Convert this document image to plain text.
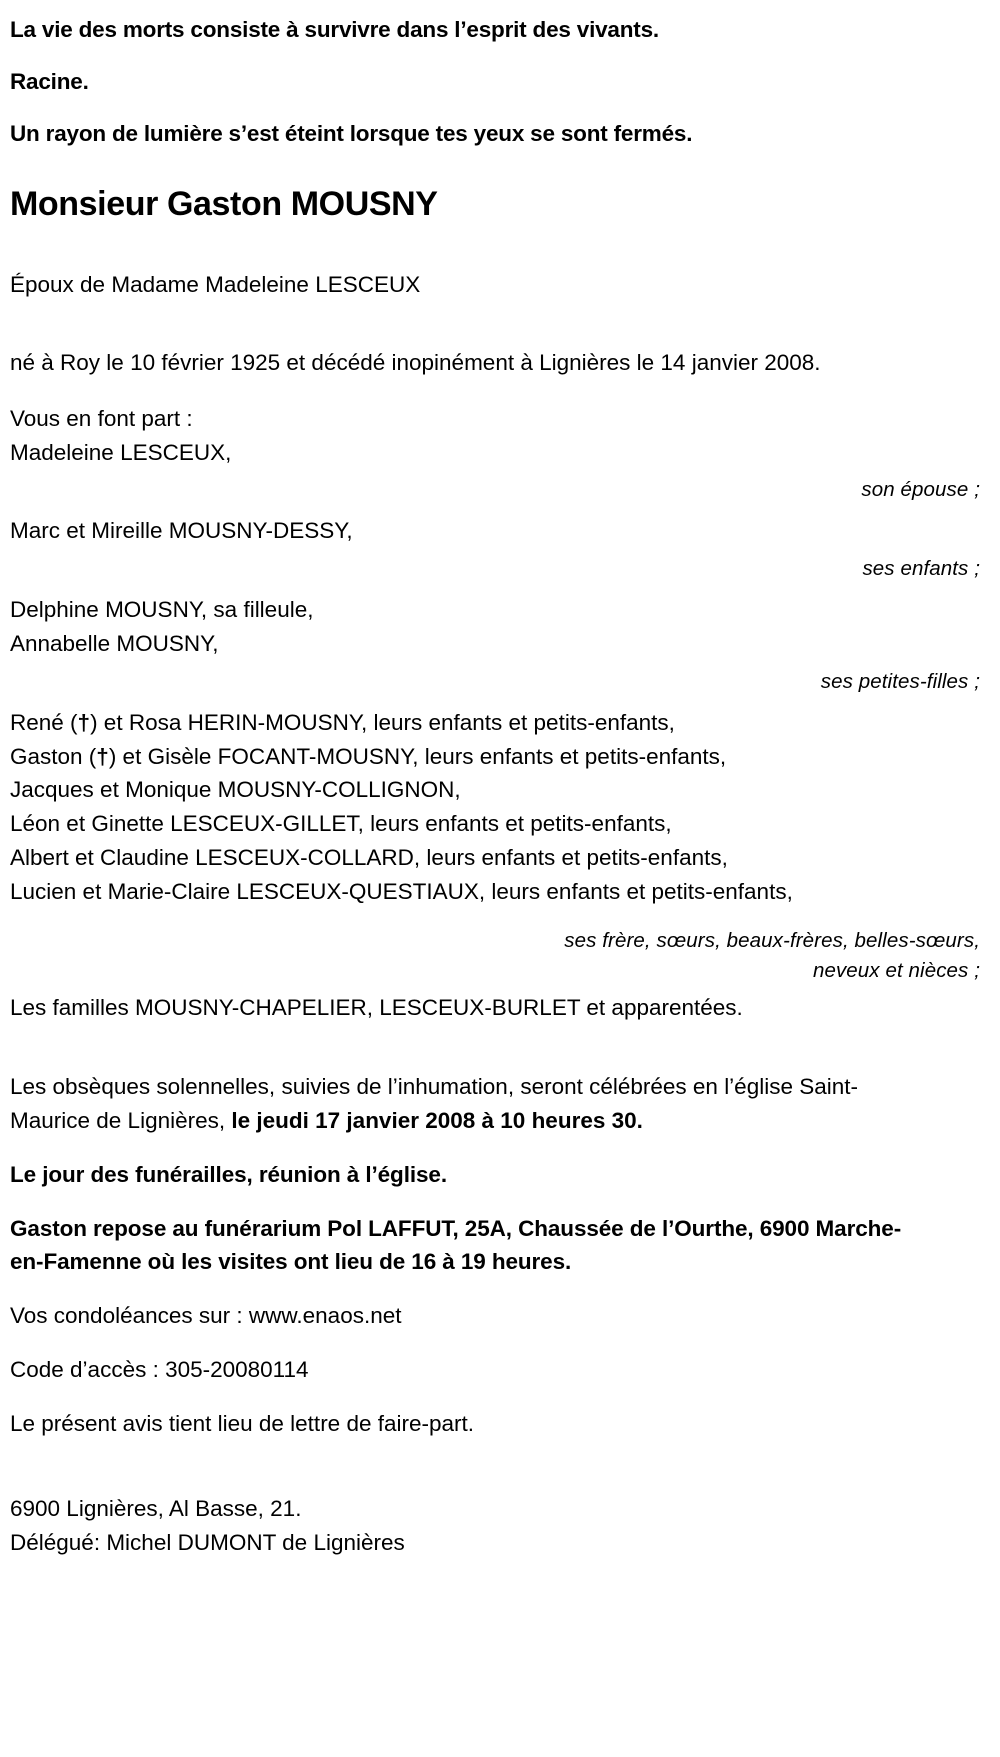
La vie des morts consiste à survivre dans l’esprit des vivants.

Racine.

Un rayon de lumière s’est éteint lorsque tes yeux se sont fermés.

Monsieur Gaston MOUSNY

Époux de Madame Madeleine LESCEUX

né à Roy le 10 février 1925 et décédé inopinément à Lignières le 14 janvier 2008.

Vous en font part :

Madeleine LESCEUX,

son épouse ;

Marc et Mireille MOUSNY-DESSY,

ses enfants ;

Delphine MOUSNY, sa filleule,

Annabelle MOUSNY,

ses petites-filles ;

René (†) et Rosa HERIN-MOUSNY, leurs enfants et petits-enfants,

Gaston (†) et Gisèle FOCANT-MOUSNY, leurs enfants et petits-enfants,

Jacques et Monique MOUSNY-COLLIGNON,

Léon et Ginette LESCEUX-GILLET, leurs enfants et petits-enfants,

Albert et Claudine LESCEUX-COLLARD, leurs enfants et petits-enfants,

Lucien et Marie-Claire LESCEUX-QUESTIAUX, leurs enfants et petits-enfants,

ses frère, sœurs, beaux-frères, belles-sœurs, neveux et nièces ;

Les familles MOUSNY-CHAPELIER, LESCEUX-BURLET et apparentées.

Les obsèques solennelles, suivies de l’inhumation, seront célébrées en l’église Saint-Maurice de Lignières, le jeudi 17 janvier 2008 à 10 heures 30.

Le jour des funérailles, réunion à l’église.

Gaston repose au funérarium Pol LAFFUT, 25A, Chaussée de l’Ourthe, 6900 Marche-en-Famenne où les visites ont lieu de 16 à 19 heures.

Vos condoléances sur : www.enaos.net

Code d’accès : 305-20080114

Le présent avis tient lieu de lettre de faire-part.

6900 Lignières, Al Basse, 21.

Délégué: Michel DUMONT de Lignières
